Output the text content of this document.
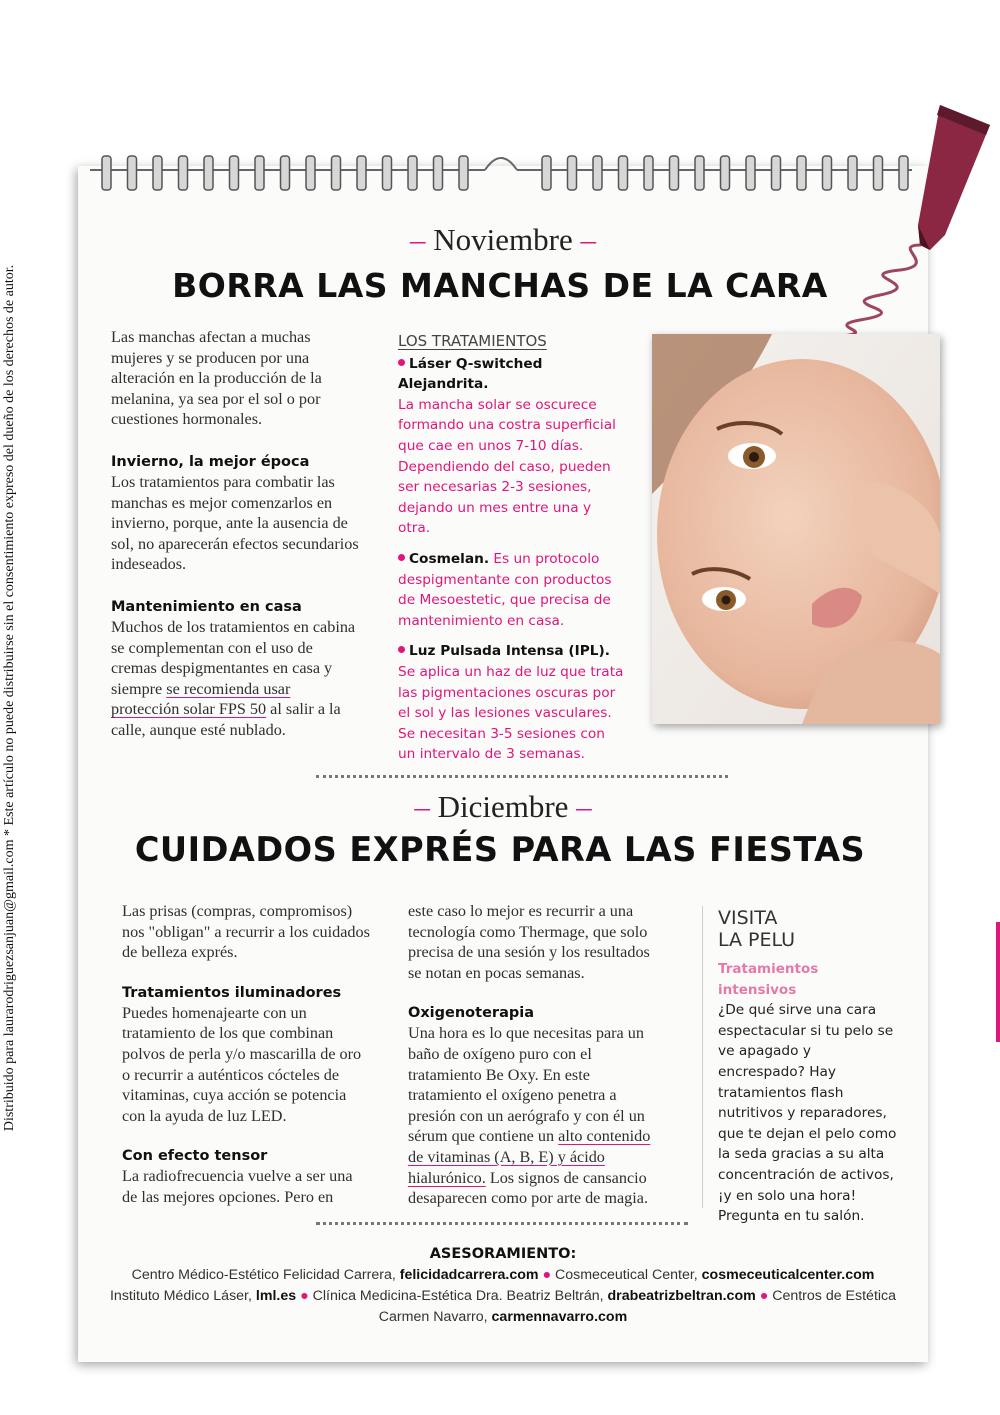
Distribuido para laurarodriguezsanjuan@gmail.com * Este artículo no puede distribuirse sin el consentimiento expreso del dueño de los derechos de autor.
– Noviembre –
BORRA LAS MANCHAS DE LA CARA

Las manchas afectan a muchas mujeres y se producen por una alteración en la producción de la melanina, ya sea por el sol o por cuestiones hormonales.

Invierno, la mejor época

Los tratamientos para combatir las manchas es mejor comenzarlos en invierno, porque, ante la ausencia de sol, no aparecerán efectos secundarios indeseados.

Mantenimiento en casa

Muchos de los tratamientos en cabina se complementan con el uso de cremas despigmentantes en casa y siempre se recomienda usar protección solar FPS 50 al salir a la calle, aunque esté nublado.

LOS TRATAMIENTOS

Láser Q-switched Alejandrita.
La mancha solar se oscurece formando una costra superficial que cae en unos 7-10 días. Dependiendo del caso, pueden ser necesarias 2-3 sesiones, dejando un mes entre una y otra.

Cosmelan. Es un protocolo despigmentante con productos de Mesoestetic, que precisa de mantenimiento en casa.

Luz Pulsada Intensa (IPL).
Se aplica un haz de luz que trata las pigmentaciones oscuras por el sol y las lesiones vasculares. Se necesitan 3-5 sesiones con un intervalo de 3 semanas.

– Diciembre –
CUIDADOS EXPRÉS PARA LAS FIESTAS

Las prisas (compras, compromisos) nos "obligan" a recurrir a los cuidados de belleza exprés.

Tratamientos iluminadores

Puedes homenajearte con un tratamiento de los que combinan polvos de perla y/o mascarilla de oro o recurrir a auténticos cócteles de vitaminas, cuya acción se potencia con la ayuda de luz LED.

Con efecto tensor

La radiofrecuencia vuelve a ser una de las mejores opciones. Pero en

este caso lo mejor es recurrir a una tecnología como Thermage, que solo precisa de una sesión y los resultados se notan en pocas semanas.

Oxigenoterapia

Una hora es lo que necesitas para un baño de oxígeno puro con el tratamiento Be Oxy. En este tratamiento el oxígeno penetra a presión con un aerógrafo y con él un sérum que contiene un alto contenido de vitaminas (A, B, E) y ácido hialurónico. Los signos de cansancio desaparecen como por arte de magia.

VISITA
LA PELU

Tratamientos intensivos

¿De qué sirve una cara espectacular si tu pelo se ve apagado y encrespado? Hay tratamientos flash nutritivos y reparadores, que te dejan el pelo como la seda gracias a su alta concentración de activos, ¡y en solo una hora! Pregunta en tu salón.

ASESORAMIENTO:
Centro Médico-Estético Felicidad Carrera, felicidadcarrera.com ● Cosmeceutical Center, cosmeceuticalcenter.com
Instituto Médico Láser, lml.es ● Clínica Medicina-Estética Dra. Beatriz Beltrán, drabeatrizbeltran.com ● Centros de Estética
Carmen Navarro, carmennavarro.com
